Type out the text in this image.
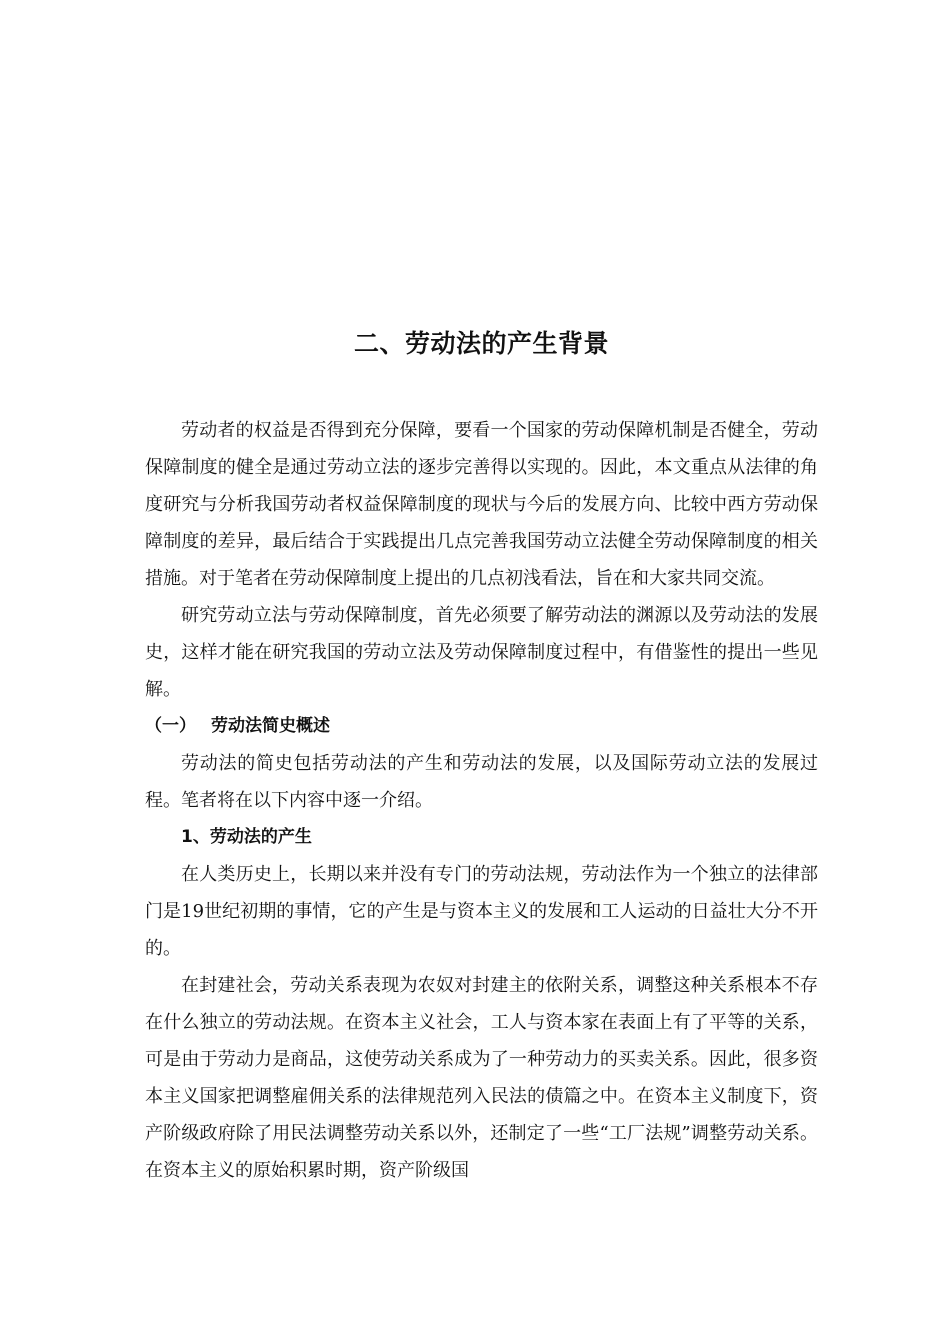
二、劳动法的产生背景

劳动者的权益是否得到充分保障，要看一个国家的劳动保障机制是否健全，劳动保障制度的健全是通过劳动立法的逐步完善得以实现的。因此，本文重点从法律的角度研究与分析我国劳动者权益保障制度的现状与今后的发展方向、比较中西方劳动保障制度的差异，最后结合于实践提出几点完善我国劳动立法健全劳动保障制度的相关措施。对于笔者在劳动保障制度上提出的几点初浅看法，旨在和大家共同交流。

研究劳动立法与劳动保障制度，首先必须要了解劳动法的渊源以及劳动法的发展史，这样才能在研究我国的劳动立法及劳动保障制度过程中，有借鉴性的提出一些见解。

（一） 劳动法简史概述

劳动法的简史包括劳动法的产生和劳动法的发展，以及国际劳动立法的发展过程。笔者将在以下内容中逐一介绍。

1、劳动法的产生

在人类历史上，长期以来并没有专门的劳动法规，劳动法作为一个独立的法律部门是19世纪初期的事情，它的产生是与资本主义的发展和工人运动的日益壮大分不开的。

在封建社会，劳动关系表现为农奴对封建主的依附关系，调整这种关系根本不存在什么独立的劳动法规。在资本主义社会，工人与资本家在表面上有了平等的关系，可是由于劳动力是商品，这使劳动关系成为了一种劳动力的买卖关系。因此，很多资本主义国家把调整雇佣关系的法律规范列入民法的债篇之中。在资本主义制度下，资产阶级政府除了用民法调整劳动关系以外，还制定了一些“工厂法规”调整劳动关系。在资本主义的原始积累时期，资产阶级国
